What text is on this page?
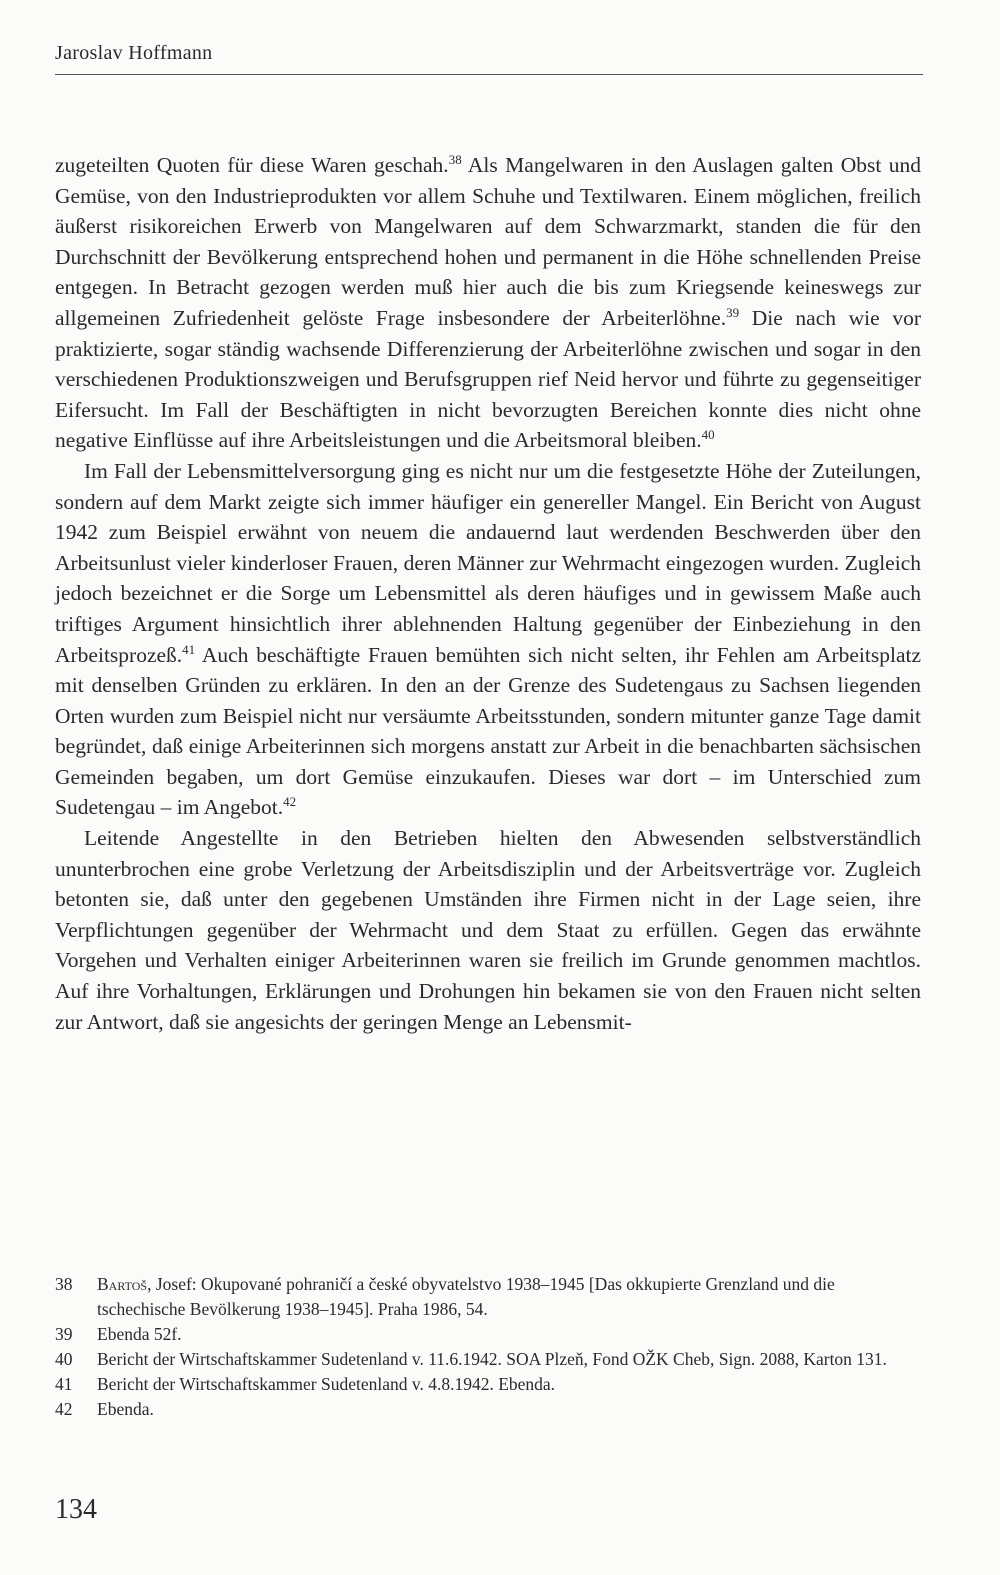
Jaroslav Hoffmann

zugeteilten Quoten für diese Waren geschah.$^{38}$ Als Mangelwaren in den Auslagen galten Obst und Gemüse, von den Industrieprodukten vor allem Schuhe und Textilwaren. Einem möglichen, freilich äußerst risikoreichen Erwerb von Mangelwaren auf dem Schwarzmarkt, standen die für den Durchschnitt der Bevölkerung entsprechend hohen und permanent in die Höhe schnellenden Preise entgegen. In Betracht gezogen werden muß hier auch die bis zum Kriegsende keineswegs zur allgemeinen Zufriedenheit gelöste Frage insbesondere der Arbeiterlöhne.$^{39}$ Die nach wie vor praktizierte, sogar ständig wachsende Differenzierung der Arbeiterlöhne zwischen und sogar in den verschiedenen Produktionszweigen und Berufsgruppen rief Neid hervor und führte zu gegenseitiger Eifersucht. Im Fall der Beschäftigten in nicht bevorzugten Bereichen konnte dies nicht ohne negative Einflüsse auf ihre Arbeitsleistungen und die Arbeitsmoral bleiben.$^{40}$

Im Fall der Lebensmittelversorgung ging es nicht nur um die festgesetzte Höhe der Zuteilungen, sondern auf dem Markt zeigte sich immer häufiger ein genereller Mangel. Ein Bericht von August 1942 zum Beispiel erwähnt von neuem die andauernd laut werdenden Beschwerden über den Arbeitsunlust vieler kinderloser Frauen, deren Männer zur Wehrmacht eingezogen wurden. Zugleich jedoch bezeichnet er die Sorge um Lebensmittel als deren häufiges und in gewissem Maße auch triftiges Argument hinsichtlich ihrer ablehnenden Haltung gegenüber der Einbeziehung in den Arbeitsprozeß.$^{41}$ Auch beschäftigte Frauen bemühten sich nicht selten, ihr Fehlen am Arbeitsplatz mit denselben Gründen zu erklären. In den an der Grenze des Sudetengaus zu Sachsen liegenden Orten wurden zum Beispiel nicht nur versäumte Arbeitsstunden, sondern mitunter ganze Tage damit begründet, daß einige Arbeiterinnen sich morgens anstatt zur Arbeit in die benachbarten sächsischen Gemeinden begaben, um dort Gemüse einzukaufen. Dieses war dort – im Unterschied zum Sudetengau – im Angebot.$^{42}$

Leitende Angestellte in den Betrieben hielten den Abwesenden selbstverständlich ununterbrochen eine grobe Verletzung der Arbeitsdisziplin und der Arbeitsverträge vor. Zugleich betonten sie, daß unter den gegebenen Umständen ihre Firmen nicht in der Lage seien, ihre Verpflichtungen gegenüber der Wehrmacht und dem Staat zu erfüllen. Gegen das erwähnte Vorgehen und Verhalten einiger Arbeiterinnen waren sie freilich im Grunde genommen machtlos. Auf ihre Vorhaltungen, Erklärungen und Drohungen hin bekamen sie von den Frauen nicht selten zur Antwort, daß sie angesichts der geringen Menge an Lebensmit-

38	Bartoš, Josef: Okupované pohraničí a české obyvatelstvo 1938–1945 [Das okkupierte Grenzland und die tschechische Bevölkerung 1938–1945]. Praha 1986, 54.
39	Ebenda 52f.
40	Bericht der Wirtschaftskammer Sudetenland v. 11.6.1942. SOA Plzeň, Fond OŽK Cheb, Sign. 2088, Karton 131.
41	Bericht der Wirtschaftskammer Sudetenland v. 4.8.1942. Ebenda.
42	Ebenda.
134
